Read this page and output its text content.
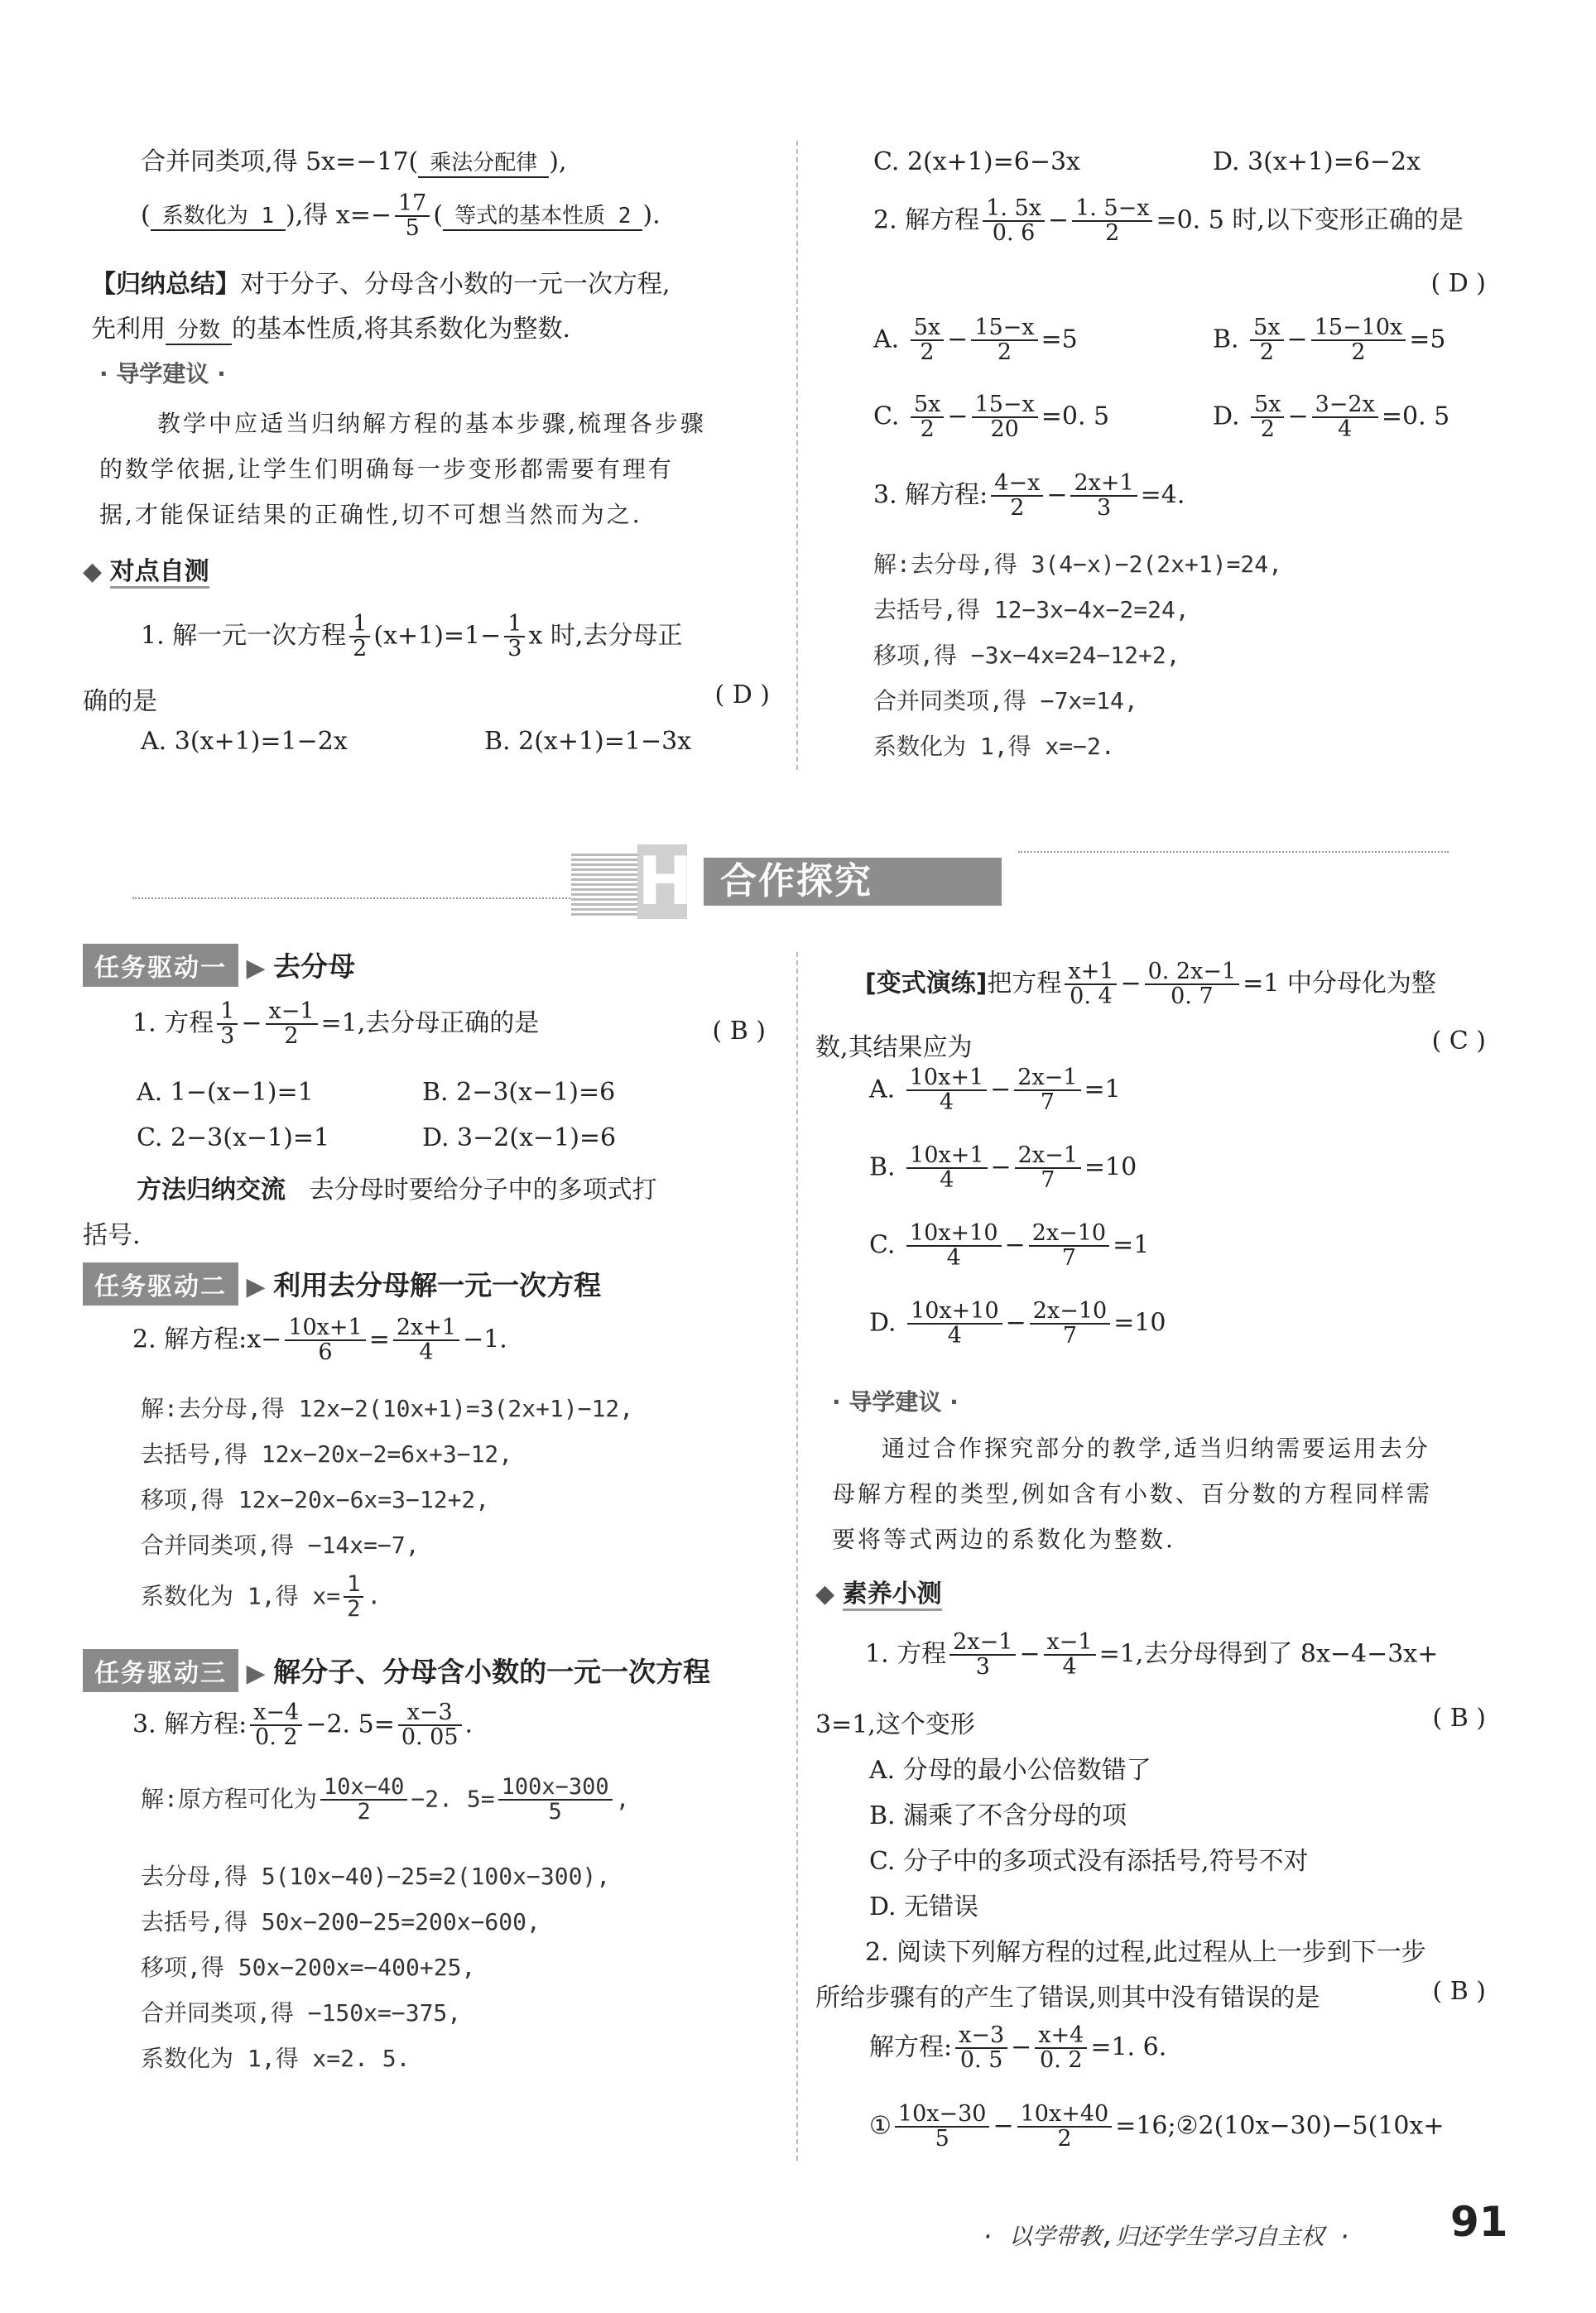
合并同类项,得 5x=−17( 乘法分配律 ),
( 系数化为 1 ),得 $x=- \frac{17}{5}$ ( 等式的基本性质 2 ).
【归纳总结】对于分子、分母含小数的一元一次方程,
先利用 分数 的基本性质,将其系数化为整数.
· 导学建议 ·
教学中应适当归纳解方程的基本步骤,梳理各步骤
的数学依据,让学生们明确每一步变形都需要有理有
据,才能保证结果的正确性,切不可想当然而为之.
◆ 对点自测
1. 解一元一次方程 $\frac{1}{2} (x+1)=1- \frac{1}{3}$ x 时,去分母正
确的是	( D )
A. 3(x+1)=1−2x	B. 2(x+1)=1−3x
C. 2(x+1)=6−3x	D. 3(x+1)=6−2x
2. 解方程 $\frac{1. 5x}{0. 6} - \frac{1. 5-x}{2} =0$. 5 时,以下变形正确的是
( D )
A. $\frac{5x}{2} - \frac{15-x}{2} =5$	B. $\frac{5x}{2} - \frac{15-10x}{2} =5$
C. $\frac{5x}{2} - \frac{15-x}{20} =0$. 5	D. $\frac{5x}{2} - \frac{3-2x}{4} =0$. 5
3. 解方程: $\frac{4-x}{2} - \frac{2x+1}{3} =4$.
解:去分母,得 3(4−x)−2(2x+1)=24,
去括号,得 12−3x−4x−2=24,
移项,得 −3x−4x=24−12+2,
合并同类项,得 −7x=14,
系数化为 1,得 x=−2.
H 合作探究
任务驱动一 ▶ 去分母
1. 方程 $\frac{1}{3} - \frac{x-1}{2} =1$,去分母正确的是	( B )
A. 1−(x−1)=1	B. 2−3(x−1)=6
C. 2−3(x−1)=1	D. 3−2(x−1)=6
方法归纳交流 去分母时要给分子中的多项式打
括号.
任务驱动二 ▶ 利用去分母解一元一次方程
2. 解方程:x− $\frac{10x+1}{6} = \frac{2x+1}{4} -1$.
解:去分母,得 12x−2(10x+1)=3(2x+1)−12,
去括号,得 12x−20x−2=6x+3−12,
移项,得 12x−20x−6x=3−12+2,
合并同类项,得 −14x=−7,
系数化为 1,得 $x= \frac{1}{2}$ .
任务驱动三 ▶ 解分子、分母含小数的一元一次方程
3. 解方程: $\frac{x-4}{0. 2} -2$. $5= \frac{x-3}{0. 05}$ .
解:原方程可化为 $\frac{10x-40}{2} -2$. $5= \frac{100x-300}{5}$ ,
去分母,得 5(10x−40)−25=2(100x−300),
去括号,得 50x−200−25=200x−600,
移项,得 50x−200x=−400+25,
合并同类项,得 −150x=−375,
系数化为 1,得 x=2. 5.
[变式演练]把方程 $\frac{x+1}{0. 4} - \frac{0. 2x-1}{0. 7} =1$ 中分母化为整
数,其结果应为	( C )
A. $\frac{10x+1}{4} - \frac{2x-1}{7} =1$
B. $\frac{10x+1}{4} - \frac{2x-1}{7} =10$
C. $\frac{10x+10}{4} - \frac{2x-10}{7} =1$
D. $\frac{10x+10}{4} - \frac{2x-10}{7} =10$
· 导学建议 ·
通过合作探究部分的教学,适当归纳需要运用去分
母解方程的类型,例如含有小数、百分数的方程同样需
要将等式两边的系数化为整数.
◆ 素养小测
1. 方程 $\frac{2x-1}{3} - \frac{x-1}{4} =1$,去分母得到了 8x−4−3x+
3=1,这个变形	( B )
A. 分母的最小公倍数错了
B. 漏乘了不含分母的项
C. 分子中的多项式没有添括号,符号不对
D. 无错误
2. 阅读下列解方程的过程,此过程从上一步到下一步
所给步骤有的产生了错误,则其中没有错误的是	( B )
解方程: $\frac{x-3}{0. 5} - \frac{x+4}{0. 2} =1$. 6.
① $\frac{10x-30}{5} - \frac{10x+40}{2}$ =16;②2(10x−30)−5(10x+
· 以学带教,归还学生学习自主权 · 91
